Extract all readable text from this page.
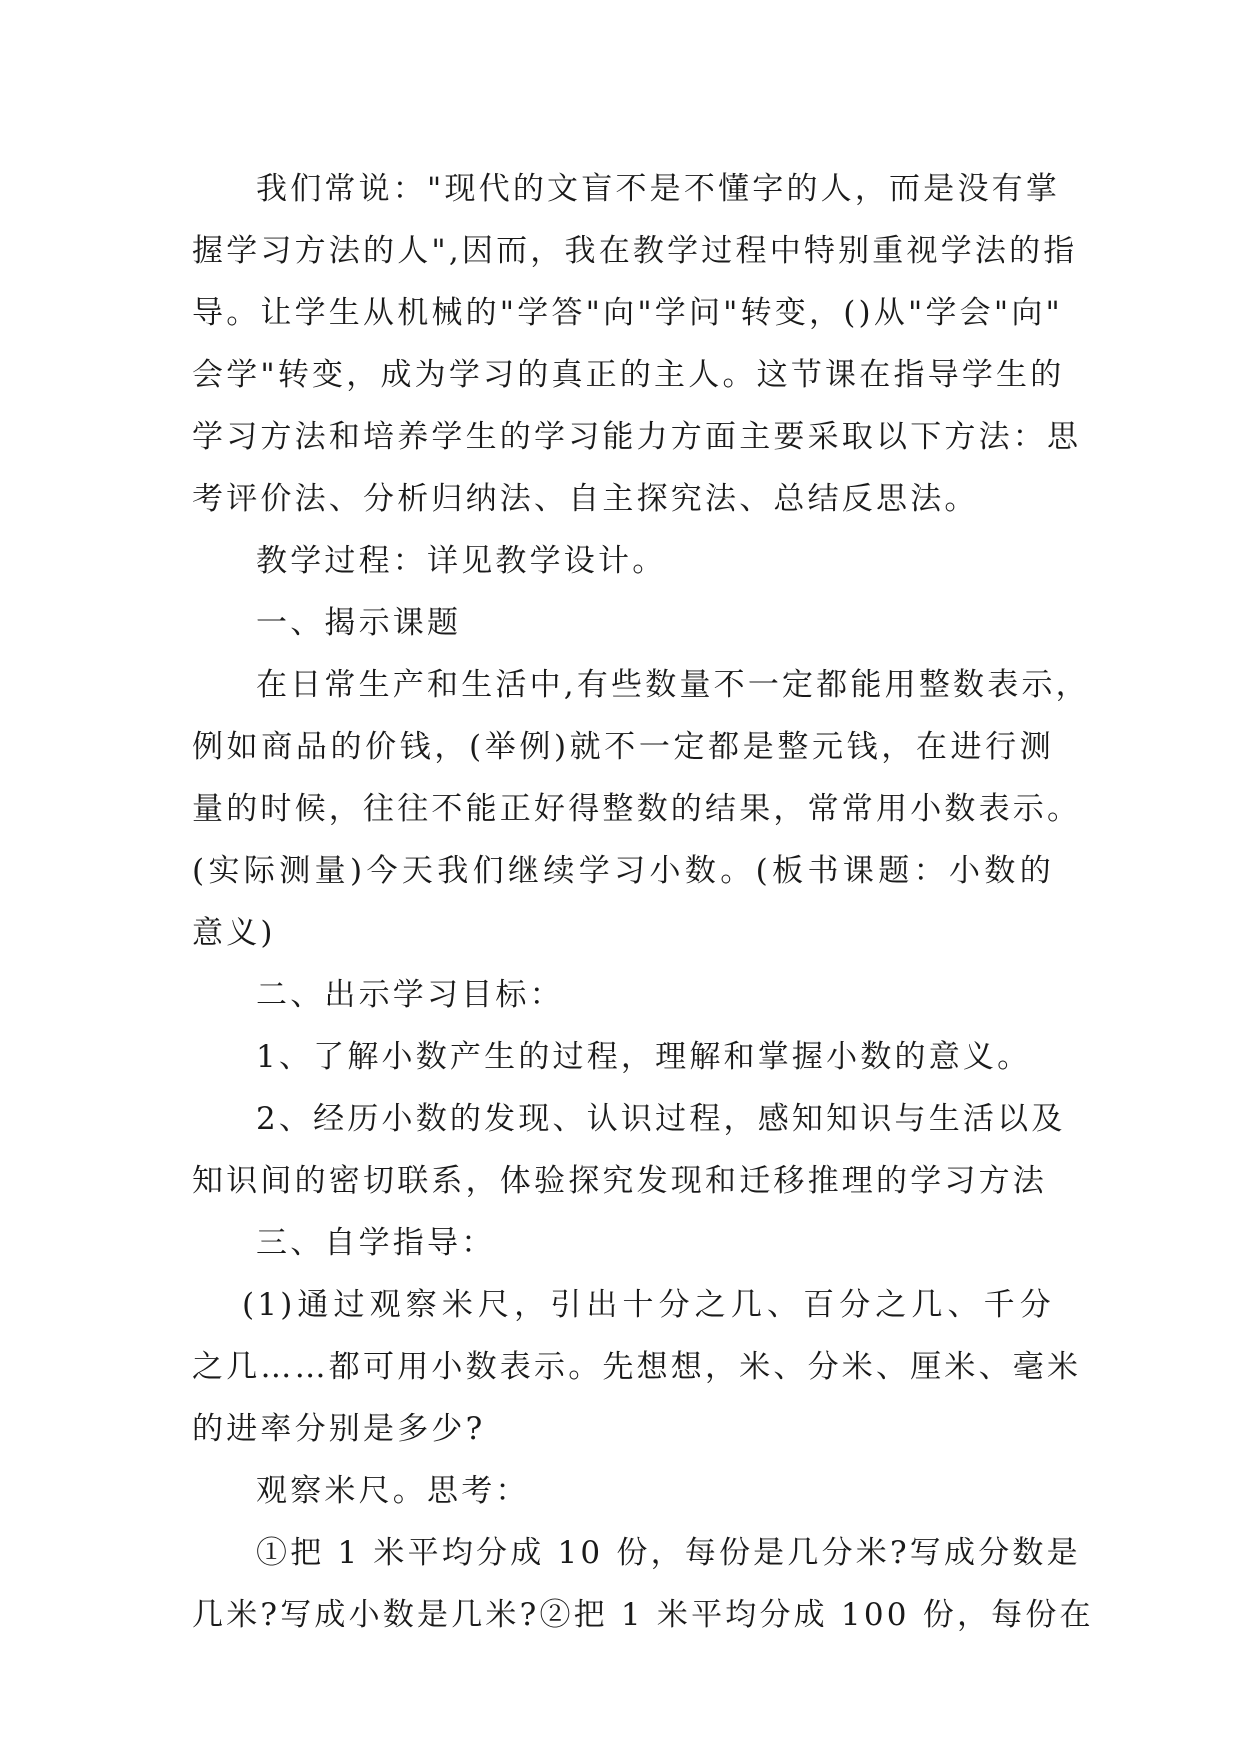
我们常说："现代的文盲不是不懂字的人，而是没有掌
握学习方法的人",因而，我在教学过程中特别重视学法的指
导。让学生从机械的"学答"向"学问"转变，()从"学会"向"
会学"转变，成为学习的真正的主人。这节课在指导学生的
学习方法和培养学生的学习能力方面主要采取以下方法：思
考评价法、分析归纳法、自主探究法、总结反思法。
教学过程：详见教学设计。
一、揭示课题
在日常生产和生活中,有些数量不一定都能用整数表示，
例如商品的价钱，(举例)就不一定都是整元钱，在进行测
量的时候，往往不能正好得整数的结果，常常用小数表示。
(实际测量)今天我们继续学习小数。(板书课题：小数的
意义)
二、出示学习目标：
1、了解小数产生的过程，理解和掌握小数的意义。
2、经历小数的发现、认识过程，感知知识与生活以及
知识间的密切联系，体验探究发现和迁移推理的学习方法
三、自学指导：
(1)通过观察米尺，引出十分之几、百分之几、千分
之几……都可用小数表示。先想想，米、分米、厘米、毫米
的进率分别是多少?
观察米尺。思考：
①把 1 米平均分成 10 份，每份是几分米?写成分数是
几米?写成小数是几米?②把 1 米平均分成 100 份，每份在
